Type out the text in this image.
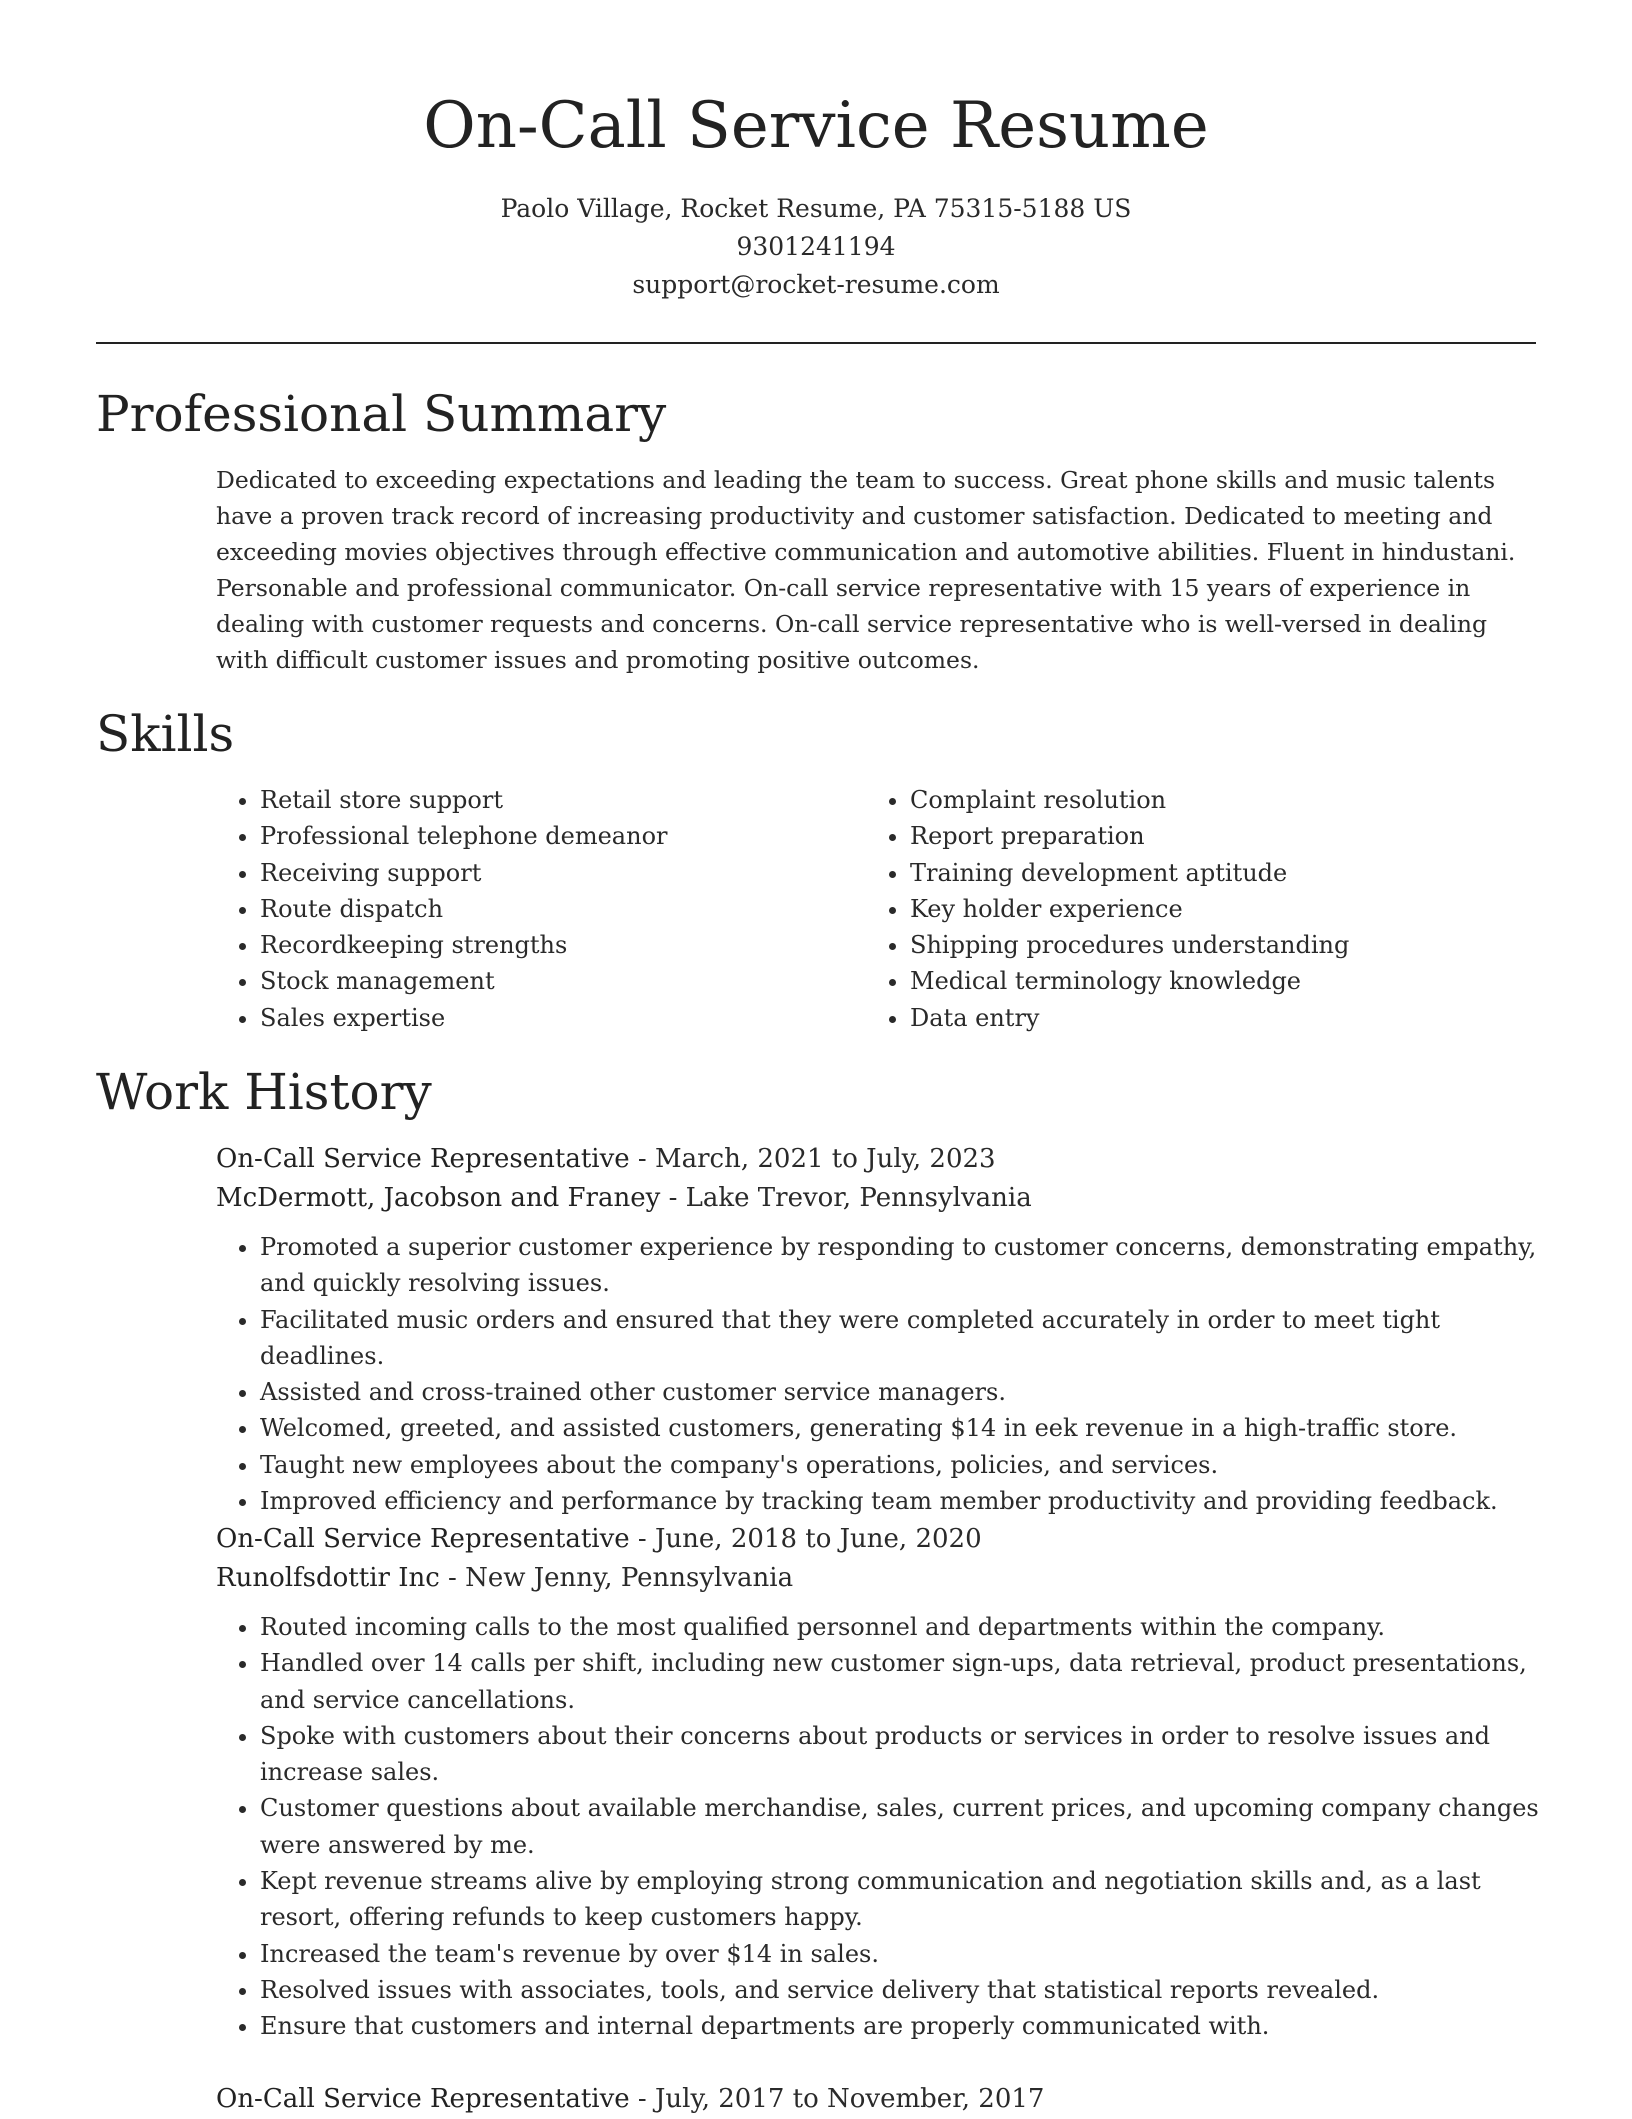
On-Call Service Resume
Paolo Village, Rocket Resume, PA 75315-5188 US
9301241194
support@rocket-resume.com
Professional Summary

Dedicated to exceeding expectations and leading the team to success. Great phone skills and music talents have a proven track record of increasing productivity and customer satisfaction. Dedicated to meeting and exceeding movies objectives through effective communication and automotive abilities. Fluent in hindustani. Personable and professional communicator. On-call service representative with 15 years of experience in dealing with customer requests and concerns. On-call service representative who is well-versed in dealing with difficult customer issues and promoting positive outcomes.

Skills
• Retail store support
• Professional telephone demeanor
• Receiving support
• Route dispatch
• Recordkeeping strengths
• Stock management
• Sales expertise
• Complaint resolution
• Report preparation
• Training development aptitude
• Key holder experience
• Shipping procedures understanding
• Medical terminology knowledge
• Data entry
Work History
On-Call Service Representative - March, 2021 to July, 2023
McDermott, Jacobson and Franey - Lake Trevor, Pennsylvania
• Promoted a superior customer experience by responding to customer concerns, demonstrating empathy, and quickly resolving issues.
• Facilitated music orders and ensured that they were completed accurately in order to meet tight deadlines.
• Assisted and cross-trained other customer service managers.
• Welcomed, greeted, and assisted customers, generating $14 in eek revenue in a high-traffic store.
• Taught new employees about the company's operations, policies, and services.
• Improved efficiency and performance by tracking team member productivity and providing feedback.
On-Call Service Representative - June, 2018 to June, 2020
Runolfsdottir Inc - New Jenny, Pennsylvania
• Routed incoming calls to the most qualified personnel and departments within the company.
• Handled over 14 calls per shift, including new customer sign-ups, data retrieval, product presentations, and service cancellations.
• Spoke with customers about their concerns about products or services in order to resolve issues and increase sales.
• Customer questions about available merchandise, sales, current prices, and upcoming company changes were answered by me.
• Kept revenue streams alive by employing strong communication and negotiation skills and, as a last resort, offering refunds to keep customers happy.
• Increased the team's revenue by over $14 in sales.
• Resolved issues with associates, tools, and service delivery that statistical reports revealed.
• Ensure that customers and internal departments are properly communicated with.
On-Call Service Representative - July, 2017 to November, 2017
